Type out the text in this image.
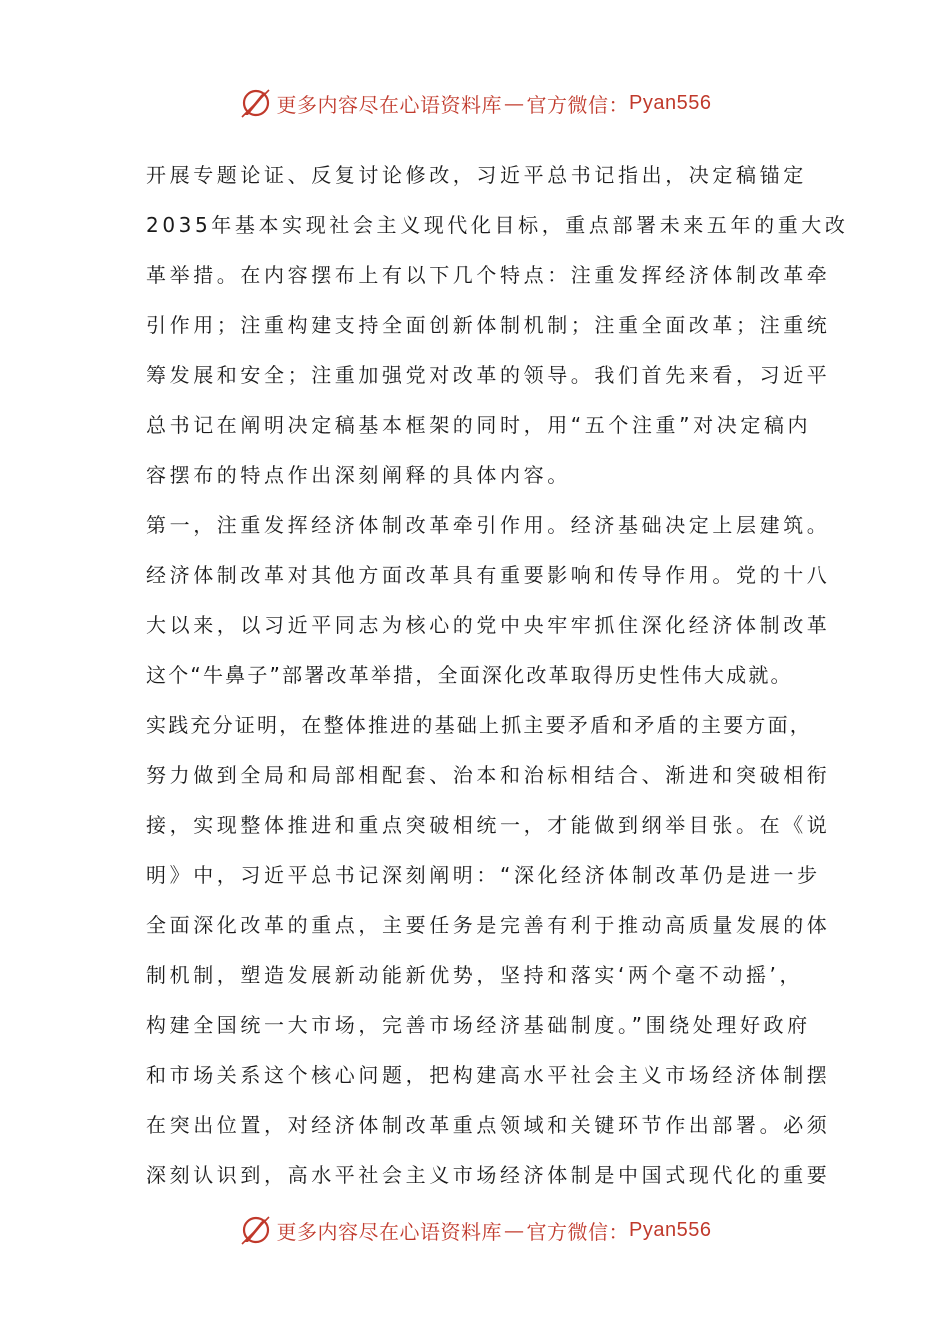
更多内容尽在心语资料库 — 官方微信： Pyan556
开展专题论证、反复讨论修改，习近平总书记指出，决定稿锚定
2035年基本实现社会主义现代化目标，重点部署未来五年的重大改
革举措。在内容摆布上有以下几个特点：注重发挥经济体制改革牵
引作用；注重构建支持全面创新体制机制；注重全面改革；注重统
筹发展和安全；注重加强党对改革的领导。我们首先来看，习近平
总书记在阐明决定稿基本框架的同时，用“五个注重”对决定稿内
容摆布的特点作出深刻阐释的具体内容。
第一，注重发挥经济体制改革牵引作用。经济基础决定上层建筑。
经济体制改革对其他方面改革具有重要影响和传导作用。党的十八
大以来，以习近平同志为核心的党中央牢牢抓住深化经济体制改革
这个“牛鼻子”部署改革举措，全面深化改革取得历史性伟大成就。
实践充分证明，在整体推进的基础上抓主要矛盾和矛盾的主要方面，
努力做到全局和局部相配套、治本和治标相结合、渐进和突破相衔
接，实现整体推进和重点突破相统一，才能做到纲举目张。在《说
明》中，习近平总书记深刻阐明：“深化经济体制改革仍是进一步
全面深化改革的重点，主要任务是完善有利于推动高质量发展的体
制机制，塑造发展新动能新优势，坚持和落实‘两个毫不动摇’，
构建全国统一大市场，完善市场经济基础制度。”围绕处理好政府
和市场关系这个核心问题，把构建高水平社会主义市场经济体制摆
在突出位置，对经济体制改革重点领域和关键环节作出部署。必须
深刻认识到，高水平社会主义市场经济体制是中国式现代化的重要
更多内容尽在心语资料库 — 官方微信： Pyan556
